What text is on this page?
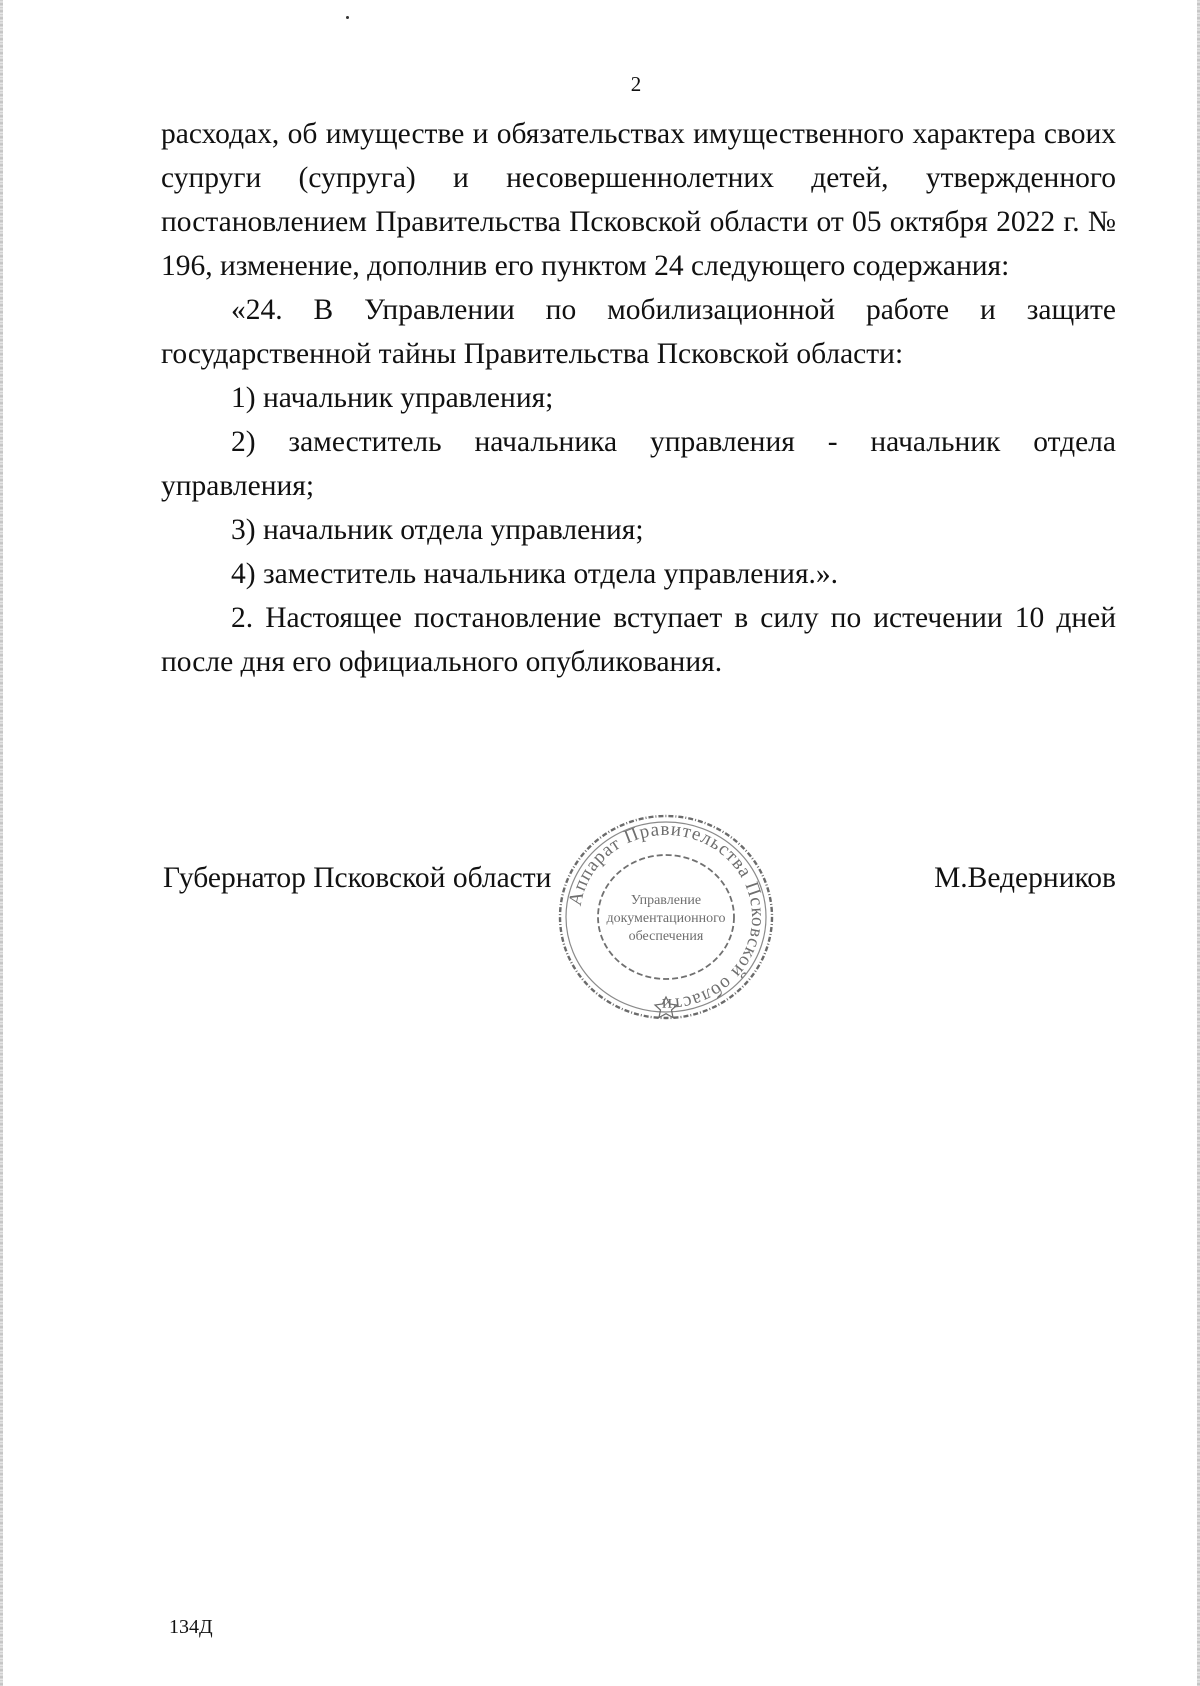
2

расходах, об имуществе и обязательствах имущественного характера своих супруги (супруга) и несовершеннолетних детей, утвержденного постановлением Правительства Псковской области от 05 октября 2022 г. № 196, изменение, дополнив его пунктом 24 следующего содержания:

«24. В Управлении по мобилизационной работе и защите государственной тайны Правительства Псковской области:

1) начальник управления;

2) заместитель начальника управления - начальник отдела управления;

3) начальник отдела управления;

4) заместитель начальника отдела управления.».

2. Настоящее постановление вступает в силу по истечении 10 дней после дня его официального опубликования.

Губернатор Псковской области	М.Ведерников
Аппарат Правительства Псковской области
Управление
документационного
обеспечения
134Д
